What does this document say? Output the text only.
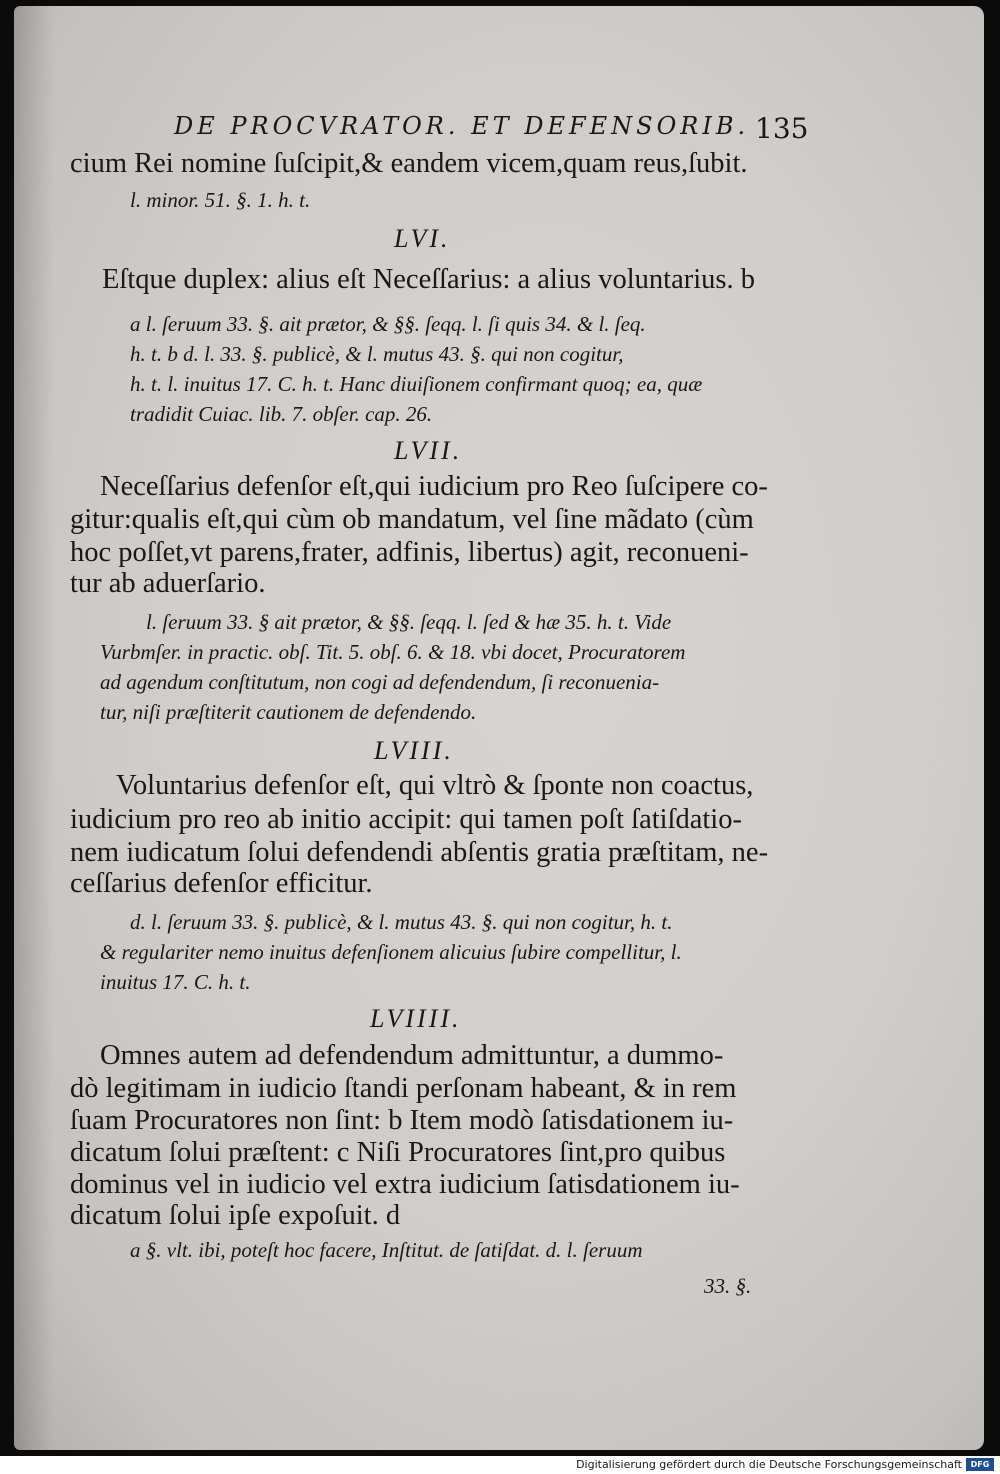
DE PROCVRATOR. ET DEFENSORIB. 135
cium Rei nomine ſuſcipit,& eandem vicem,quam reus,ſubit.
l. minor. 51. §. 1. h. t.
LVI.
Eſtque duplex: alius eſt Neceſſarius: a alius voluntarius. b
a l. ſeruum 33. §. ait prætor, & §§. ſeqq. l. ſi quis 34. & l. ſeq.
h. t. b d. l. 33. §. publicè, & l. mutus 43. §. qui non cogitur,
h. t. l. inuitus 17. C. h. t. Hanc diuiſionem confirmant quoq; ea, quæ
tradidit Cuiac. lib. 7. obſer. cap. 26.
LVII.
Neceſſarius defenſor eſt,qui iudicium pro Reo ſuſcipere co-
gitur:qualis eſt,qui cùm ob mandatum, vel ſine mãdato (cùm
hoc poſſet,vt parens,frater, adfinis, libertus) agit, reconueni-
tur ab aduerſario.
l. ſeruum 33. § ait prætor, & §§. ſeqq. l. ſed & hæ 35. h. t. Vide
Vurbmſer. in practic. obſ. Tit. 5. obſ. 6. & 18. vbi docet, Procuratorem
ad agendum conſtitutum, non cogi ad defendendum, ſi reconuenia-
tur, niſi præſtiterit cautionem de defendendo.
LVIII.
Voluntarius defenſor eſt, qui vltrò & ſponte non coactus,
iudicium pro reo ab initio accipit: qui tamen poſt ſatiſdatio-
nem iudicatum ſolui defendendi abſentis gratia præſtitam, ne-
ceſſarius defenſor efficitur.
d. l. ſeruum 33. §. publicè, & l. mutus 43. §. qui non cogitur, h. t.
& regulariter nemo inuitus defenſionem alicuius ſubire compellitur, l.
inuitus 17. C. h. t.
LVIIII.
Omnes autem ad defendendum admittuntur, a dummo-
dò legitimam in iudicio ſtandi perſonam habeant, & in rem
ſuam Procuratores non ſint: b Item modò ſatisdationem iu-
dicatum ſolui præſtent: c Niſi Procuratores ſint,pro quibus
dominus vel in iudicio vel extra iudicium ſatisdationem iu-
dicatum ſolui ipſe expoſuit. d
a §. vlt. ibi, poteſt hoc facere, Inſtitut. de ſatiſdat. d. l. ſeruum
33. §.
Digitalisierung gefördert durch die Deutsche Forschungsgemeinschaft	DFG
